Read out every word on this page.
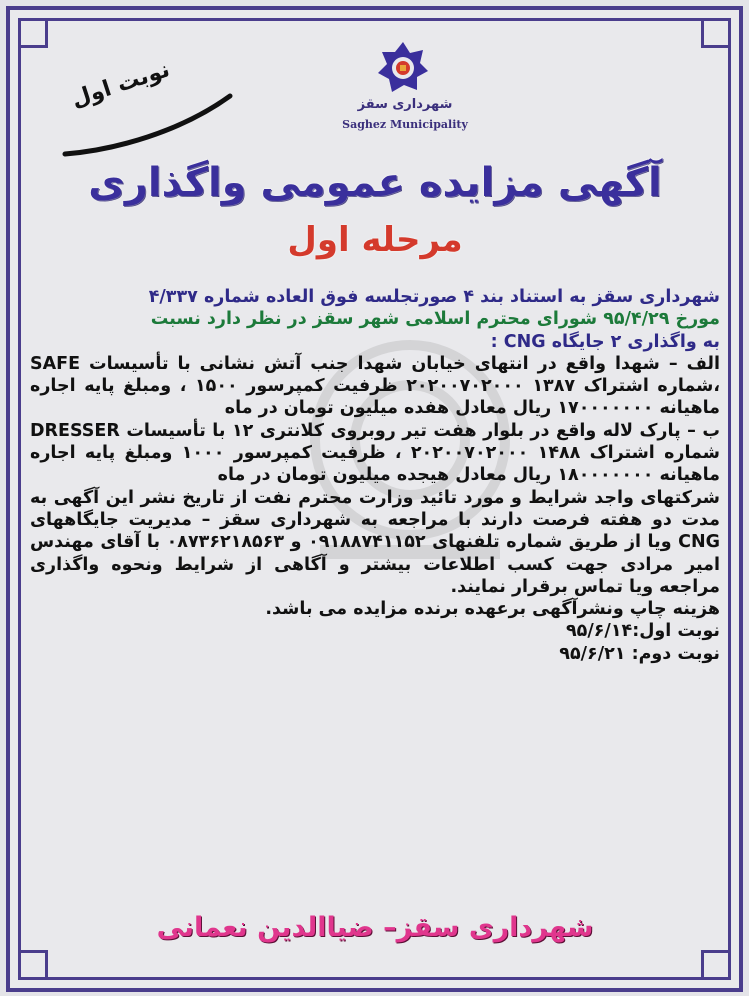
شهرداری سقز
Saghez Municipality
نوبت اول
آگهی مزایده عمومی واگذاری
مرحله اول

شهرداری سقز به استناد بند ۴ صورتجلسه فوق العاده شماره ۴/۳۳۷

مورخ ۹۵/۴/۲۹ شورای محترم اسلامی شهر سقز در نظر دارد نسبت

به واگذاری ۲ جایگاه CNG :

الف – شهدا واقع در انتهای خیابان شهدا جنب آتش نشانی با تأسیسات SAFE ،شماره اشتراک ۱۳۸۷ ۲۰۲۰۰۷۰۲۰۰۰ ظرفیت کمپرسور ۱۵۰۰ ، ومبلغ پایه اجاره ماهیانه ۱۷۰۰۰۰۰۰۰ ریال معادل هفده میلیون تومان در ماه

ب – پارک لاله واقع در بلوار هفت تیر روبروی کلانتری ۱۲ با تأسیسات DRESSER شماره اشتراک ۱۴۸۸ ۲۰۲۰۰۷۰۲۰۰۰ ، ظرفیت کمپرسور ۱۰۰۰ ومبلغ پایه اجاره ماهیانه ۱۸۰۰۰۰۰۰۰ ریال معادل هیجده میلیون تومان در ماه

شرکتهای واجد شرایط و مورد تائید وزارت محترم نفت از تاریخ نشر این آگهی به مدت دو هفته فرصت دارند با مراجعه به شهرداری سقز – مدیریت جایگاههای CNG ویا از طریق شماره تلفنهای ۰۹۱۸۸۷۴۱۱۵۲ و ۰۸۷۳۶۲۱۸۵۶۳ با آقای مهندس امیر مرادی جهت کسب اطلاعات بیشتر و آگاهی از شرایط ونحوه واگذاری مراجعه ویا تماس برقرار نمایند.

هزینه چاپ ونشرآگهی برعهده برنده مزایده می باشد.

نوبت اول:۹۵/۶/۱۴

نوبت دوم: ۹۵/۶/۲۱

شهرداری سقز– ضیاالدین نعمانی
